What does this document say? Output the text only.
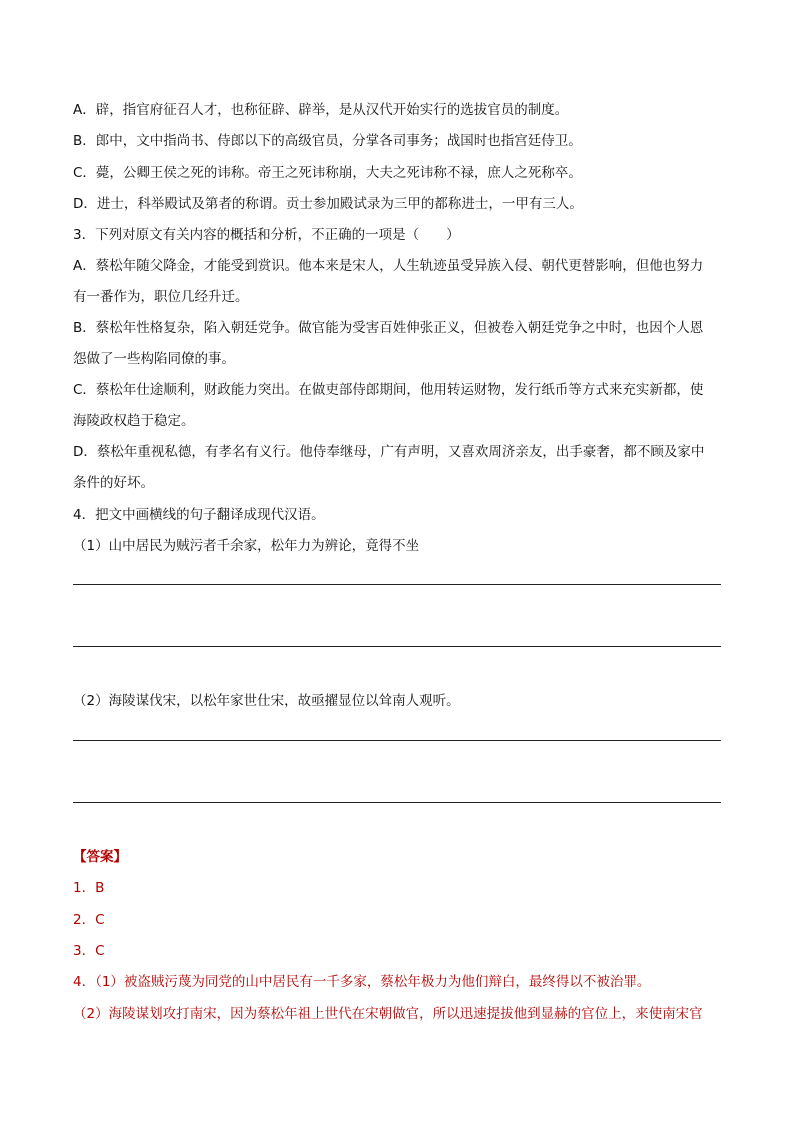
A．辟，指官府征召人才，也称征辟、辟举，是从汉代开始实行的选拔官员的制度。
B．郎中，文中指尚书、侍郎以下的高级官员，分掌各司事务；战国时也指宫廷侍卫。
C．薨，公卿王侯之死的讳称。帝王之死讳称崩，大夫之死讳称不禄，庶人之死称卒。
D．进士，科举殿试及第者的称谓。贡士参加殿试录为三甲的都称进士，一甲有三人。
3．下列对原文有关内容的概括和分析，不正确的一项是（　　）
A．蔡松年随父降金，才能受到赏识。他本来是宋人，人生轨迹虽受异族入侵、朝代更替影响，但他也努力
有一番作为，职位几经升迁。
B．蔡松年性格复杂，陷入朝廷党争。做官能为受害百姓伸张正义，但被卷入朝廷党争之中时，也因个人恩
怨做了一些构陷同僚的事。
C．蔡松年仕途顺利，财政能力突出。在做吏部侍郎期间，他用转运财物，发行纸币等方式来充实新都，使
海陵政权趋于稳定。
D．蔡松年重视私德，有孝名有义行。他侍奉继母，广有声明，又喜欢周济亲友，出手豪奢，都不顾及家中
条件的好坏。
4．把文中画横线的句子翻译成现代汉语。
（1）山中居民为贼污者千余家，松年力为辨论，竟得不坐
（2）海陵谋伐宋，以松年家世仕宋，故亟擢显位以耸南人观听。
【答案】
1．B
2．C
3．C
4．（1）被盗贼污蔑为同党的山中居民有一千多家，蔡松年极力为他们辩白，最终得以不被治罪。
（2）海陵谋划攻打南宋，因为蔡松年祖上世代在宋朝做官，所以迅速提拔他到显赫的官位上，来使南宋官
